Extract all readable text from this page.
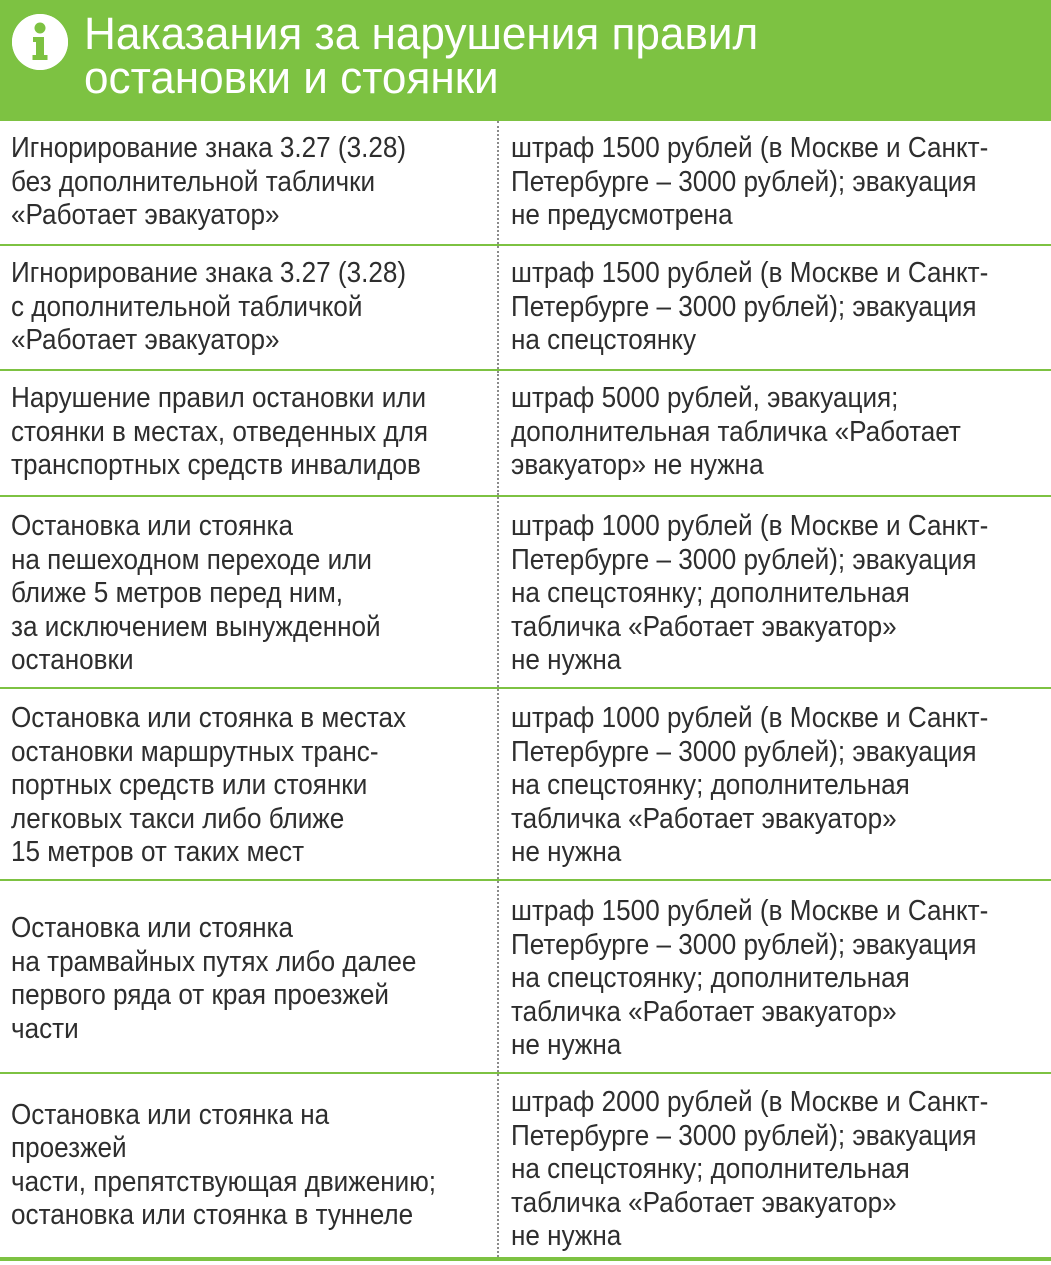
Наказания за нарушения правил
остановки и стоянки
Игнорирование знака 3.27 (3.28)
без дополнительной таблички
«Работает эвакуатор»
штраф 1500 рублей (в Москве и Санкт-
Петербурге – 3000 рублей); эвакуация
не предусмотрена
Игнорирование знака 3.27 (3.28)
с дополнительной табличкой
«Работает эвакуатор»
штраф 1500 рублей (в Москве и Санкт-
Петербурге – 3000 рублей); эвакуация
на спецстоянку
Нарушение правил остановки или
стоянки в местах, отведенных для
транспортных средств инвалидов
штраф 5000 рублей, эвакуация;
дополнительная табличка «Работает
эвакуатор» не нужна
Остановка или стоянка
на пешеходном переходе или
ближе 5 метров перед ним,
за исключением вынужденной
остановки
штраф 1000 рублей (в Москве и Санкт-
Петербурге – 3000 рублей); эвакуация
на спецстоянку; дополнительная
табличка «Работает эвакуатор»
не нужна
Остановка или стоянка в местах
остановки маршрутных транс-
портных средств или стоянки
легковых такси либо ближе
15 метров от таких мест
штраф 1000 рублей (в Москве и Санкт-
Петербурге – 3000 рублей); эвакуация
на спецстоянку; дополнительная
табличка «Работает эвакуатор»
не нужна
Остановка или стоянка
на трамвайных путях либо далее
первого ряда от края проезжей
части
штраф 1500 рублей (в Москве и Санкт-
Петербурге – 3000 рублей); эвакуация
на спецстоянку; дополнительная
табличка «Работает эвакуатор»
не нужна
Остановка или стоянка на проезжей
части, препятствующая движению;
остановка или стоянка в туннеле
штраф 2000 рублей (в Москве и Санкт-
Петербурге – 3000 рублей); эвакуация
на спецстоянку; дополнительная
табличка «Работает эвакуатор»
не нужна
